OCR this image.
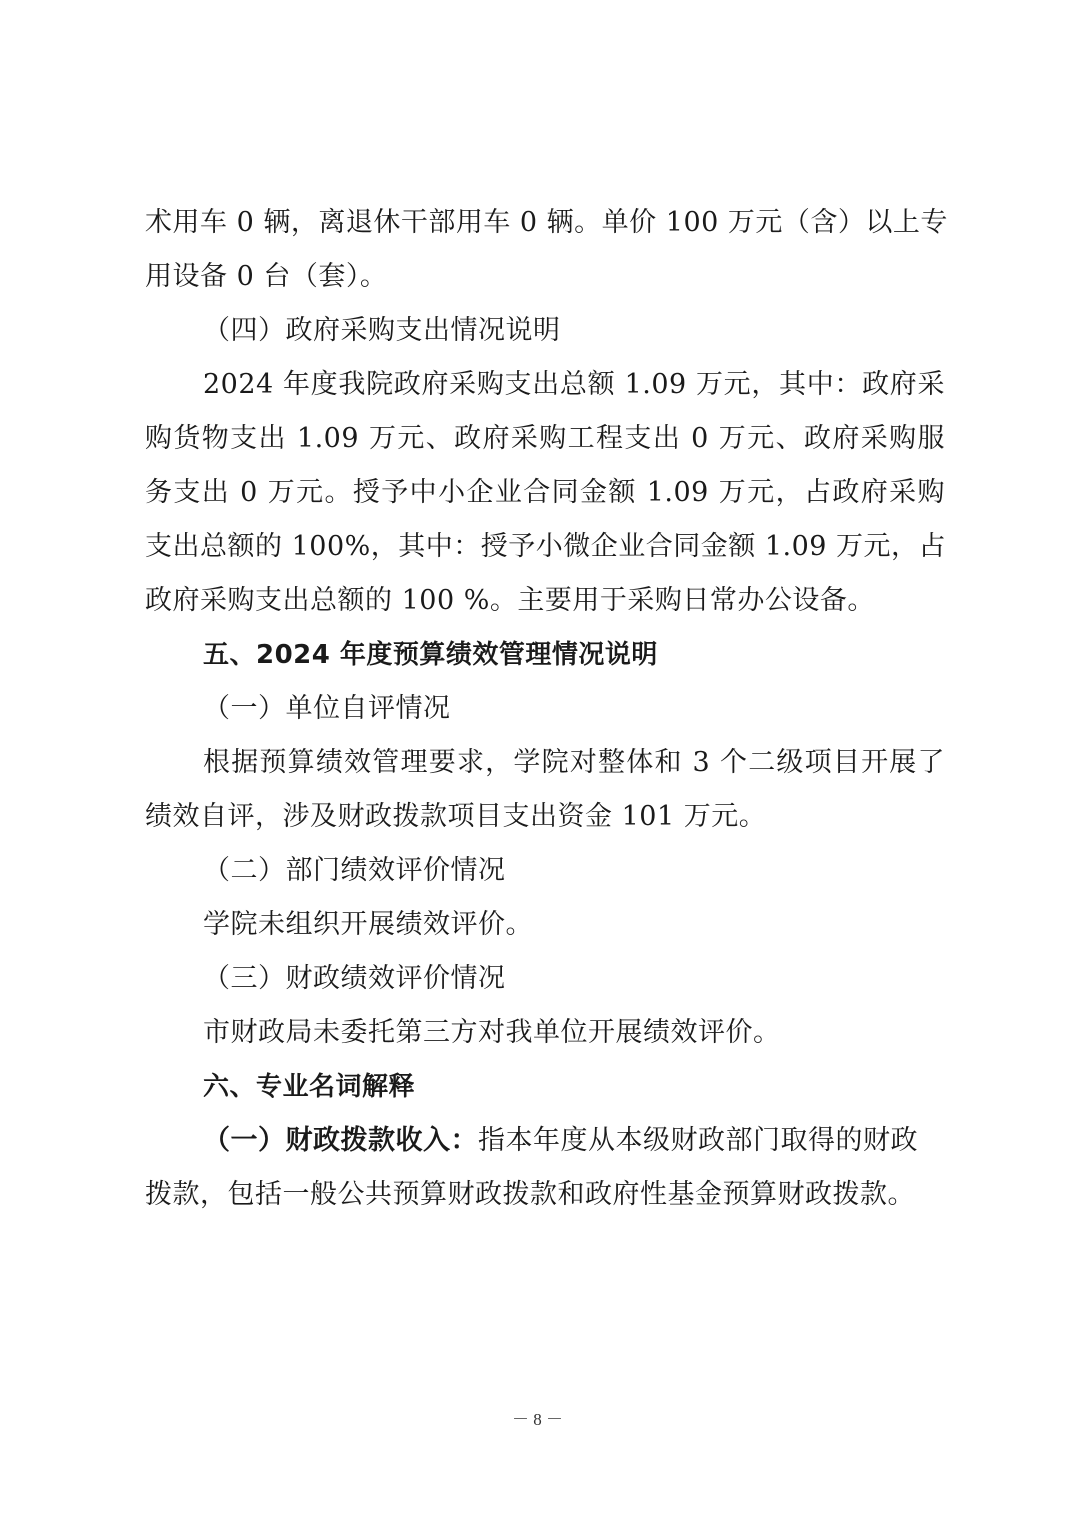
术用车 0 辆，离退休干部用车 0 辆。单价 100 万元（含）以上专
用设备 0 台（套）。
（四）政府采购支出情况说明
2024 年度我院政府采购支出总额 1.09 万元，其中：政府采
购货物支出 1.09 万元、政府采购工程支出 0 万元、政府采购服
务支出 0 万元。授予中小企业合同金额 1.09 万元，占政府采购
支出总额的 100%，其中：授予小微企业合同金额 1.09 万元，占
政府采购支出总额的 100 %。主要用于采购日常办公设备。
五、2024 年度预算绩效管理情况说明
（一）单位自评情况
根据预算绩效管理要求，学院对整体和 3 个二级项目开展了
绩效自评，涉及财政拨款项目支出资金 101 万元。
（二）部门绩效评价情况
学院未组织开展绩效评价。
（三）财政绩效评价情况
市财政局未委托第三方对我单位开展绩效评价。
六、专业名词解释
（一）财政拨款收入：指本年度从本级财政部门取得的财政
拨款，包括一般公共预算财政拨款和政府性基金预算财政拨款。
－ 8 －
